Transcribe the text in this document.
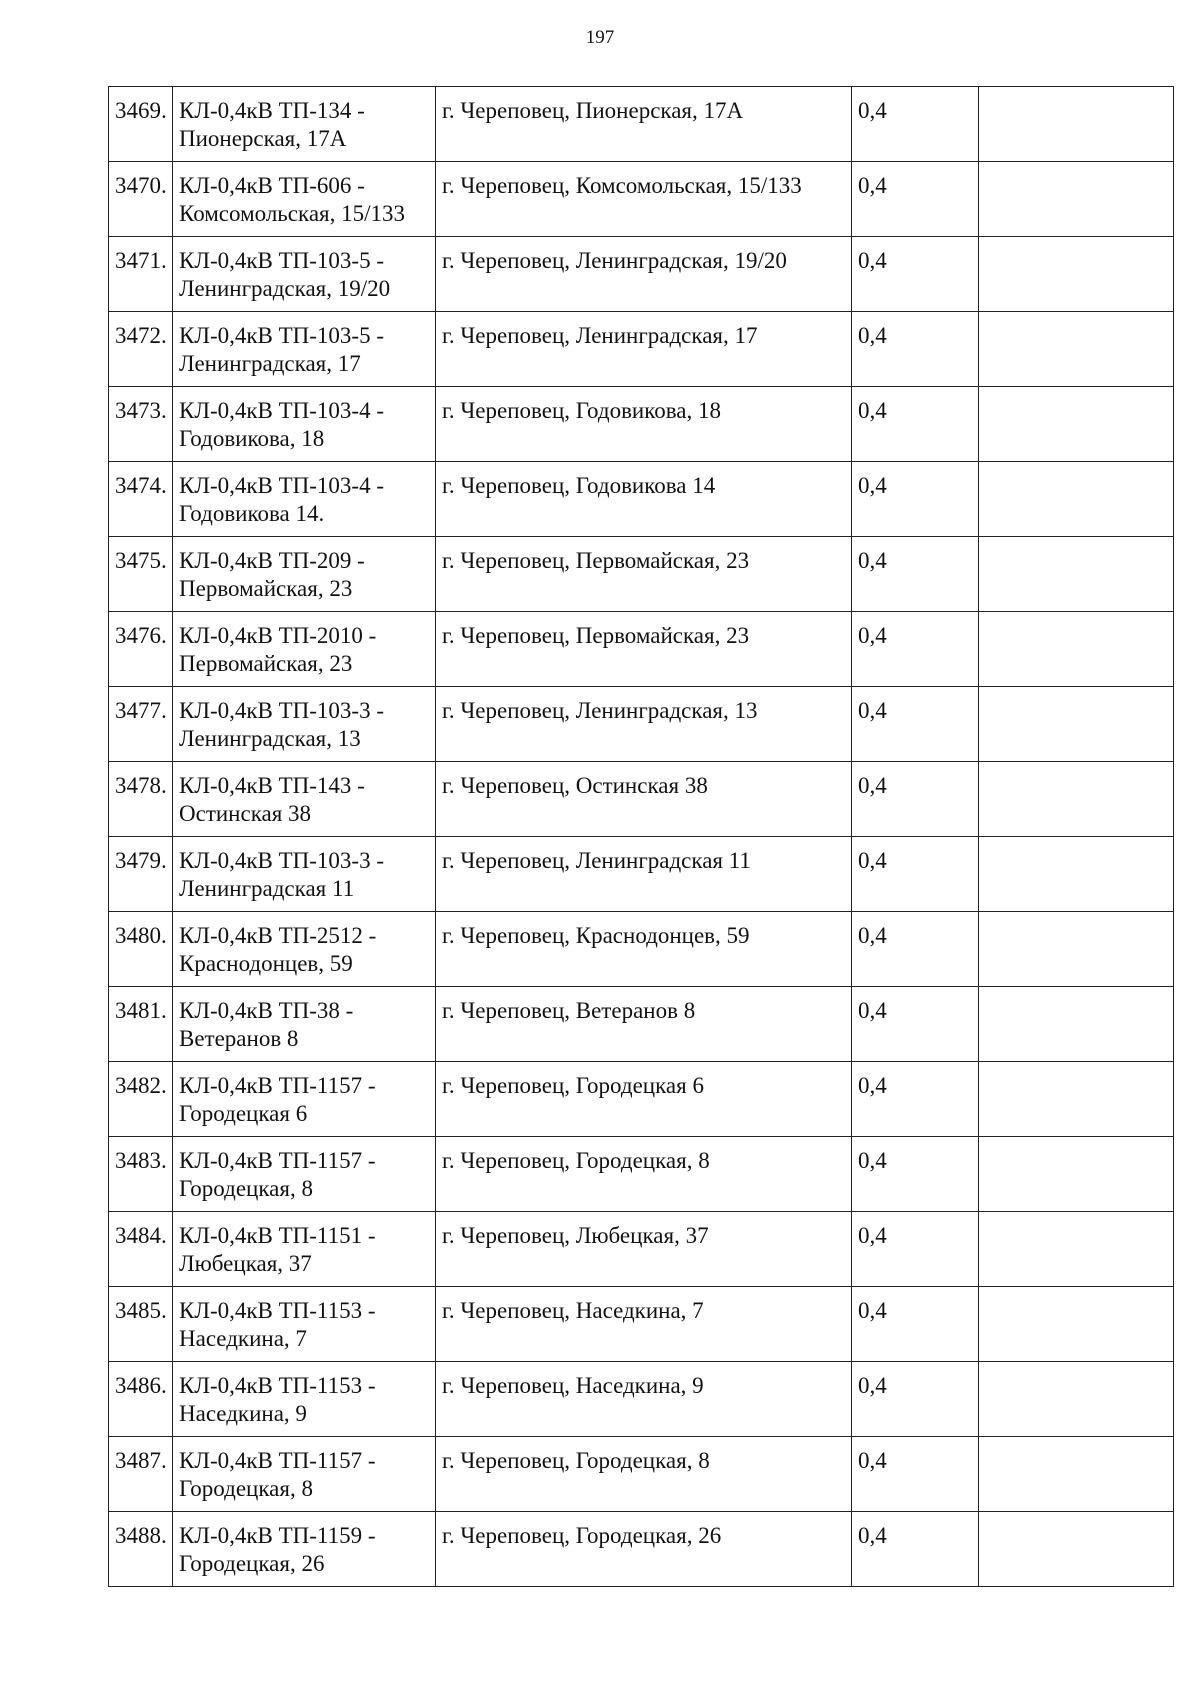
197
3469.	КЛ-0,4кВ ТП-134 - Пионерская, 17А	г. Череповец, Пионерская, 17А	0,4	
3470.	КЛ-0,4кВ ТП-606 - Комсомольская, 15/133	г. Череповец, Комсомольская, 15/133	0,4	
3471.	КЛ-0,4кВ ТП-103-5 - Ленинградская, 19/20	г. Череповец, Ленинградская, 19/20	0,4	
3472.	КЛ-0,4кВ ТП-103-5 - Ленинградская, 17	г. Череповец, Ленинградская, 17	0,4	
3473.	КЛ-0,4кВ ТП-103-4 - Годовикова, 18	г. Череповец, Годовикова, 18	0,4	
3474.	КЛ-0,4кВ ТП-103-4 - Годовикова 14.	г. Череповец, Годовикова 14	0,4	
3475.	КЛ-0,4кВ ТП-209 - Первомайская, 23	г. Череповец, Первомайская, 23	0,4	
3476.	КЛ-0,4кВ ТП-2010 - Первомайская, 23	г. Череповец, Первомайская, 23	0,4	
3477.	КЛ-0,4кВ ТП-103-3 - Ленинградская, 13	г. Череповец, Ленинградская, 13	0,4	
3478.	КЛ-0,4кВ ТП-143 - Остинская 38	г. Череповец, Остинская 38	0,4	
3479.	КЛ-0,4кВ ТП-103-3 - Ленинградская 11	г. Череповец, Ленинградская 11	0,4	
3480.	КЛ-0,4кВ ТП-2512 - Краснодонцев, 59	г. Череповец, Краснодонцев, 59	0,4	
3481.	КЛ-0,4кВ ТП-38 - Ветеранов 8	г. Череповец, Ветеранов 8	0,4	
3482.	КЛ-0,4кВ ТП-1157 - Городецкая 6	г. Череповец, Городецкая 6	0,4	
3483.	КЛ-0,4кВ ТП-1157 - Городецкая, 8	г. Череповец, Городецкая, 8	0,4	
3484.	КЛ-0,4кВ ТП-1151 - Любецкая, 37	г. Череповец, Любецкая, 37	0,4	
3485.	КЛ-0,4кВ ТП-1153 - Наседкина, 7	г. Череповец, Наседкина, 7	0,4	
3486.	КЛ-0,4кВ ТП-1153 - Наседкина, 9	г. Череповец, Наседкина, 9	0,4	
3487.	КЛ-0,4кВ ТП-1157 - Городецкая, 8	г. Череповец, Городецкая, 8	0,4	
3488.	КЛ-0,4кВ ТП-1159 - Городецкая, 26	г. Череповец, Городецкая, 26	0,4	
